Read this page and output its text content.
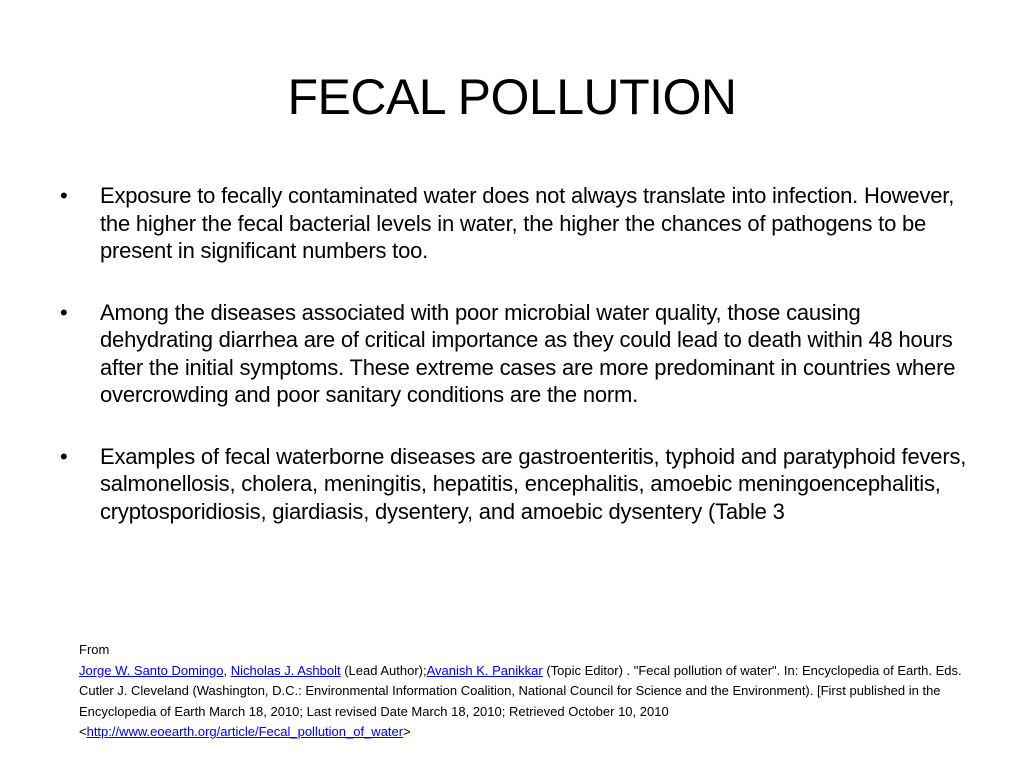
FECAL POLLUTION
• Exposure to fecally contaminated water does not always translate into infection. However, the higher the fecal bacterial levels in water, the higher the chances of pathogens to be present in significant numbers too.
• Among the diseases associated with poor microbial water quality, those causing dehydrating diarrhea are of critical importance as they could lead to death within 48 hours after the initial symptoms. These extreme cases are more predominant in countries where overcrowding and poor sanitary conditions are the norm.
• Examples of fecal waterborne diseases are gastroenteritis, typhoid and paratyphoid fevers, salmonellosis, cholera, meningitis, hepatitis, encephalitis, amoebic meningoencephalitis, cryptosporidiosis, giardiasis, dysentery, and amoebic dysentery (Table 3
From
Jorge W. Santo Domingo, Nicholas J. Ashbolt (Lead Author);Avanish K. Panikkar (Topic Editor) . "Fecal pollution of water". In: Encyclopedia of Earth. Eds. Cutler J. Cleveland (Washington, D.C.: Environmental Information Coalition, National Council for Science and the Environment). [First published in the Encyclopedia of Earth March 18, 2010; Last revised Date March 18, 2010; Retrieved October 10, 2010 <http://www.eoearth.org/article/Fecal_pollution_of_water>
